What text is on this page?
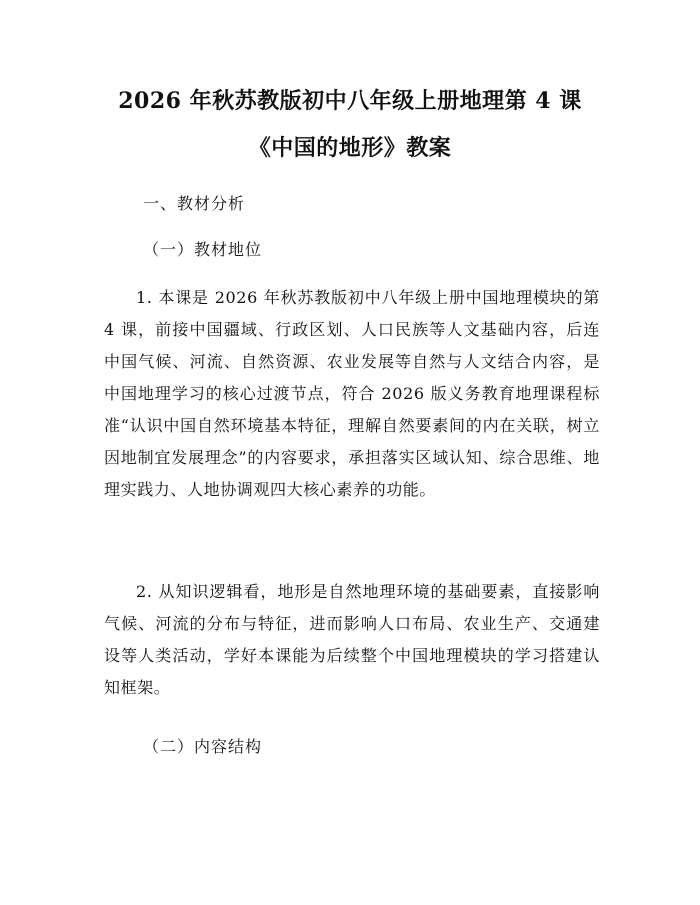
2026 年秋苏教版初中八年级上册地理第 4 课
《中国的地形》教案
一、教材分析
（一）教材地位

1. 本课是 2026 年秋苏教版初中八年级上册中国地理模块的第 4 课，前接中国疆域、行政区划、人口民族等人文基础内容，后连中国气候、河流、自然资源、农业发展等自然与人文结合内容，是中国地理学习的核心过渡节点，符合 2026 版义务教育地理课程标准“认识中国自然环境基本特征，理解自然要素间的内在关联，树立因地制宜发展理念”的内容要求，承担落实区域认知、综合思维、地理实践力、人地协调观四大核心素养的功能。

2. 从知识逻辑看，地形是自然地理环境的基础要素，直接影响气候、河流的分布与特征，进而影响人口布局、农业生产、交通建设等人类活动，学好本课能为后续整个中国地理模块的学习搭建认知框架。

（二）内容结构
